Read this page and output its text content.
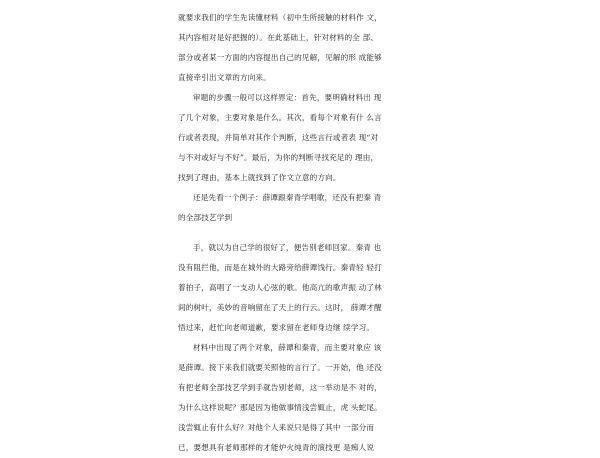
就要求我们的学生先读懂材料（初中生所接触的材料作 文，
其内容相对是好把握的）。在此基础上，针对材料的全 部、
部分或者某一方面的内容提出自己的见解，见解的形 成能够
直接牵引出文章的方向来。
审题的步骤一般可以这样界定：首先，要明确材料出 现
了几个对象，主要对象是什么。其次，看每个对象有什 么言
行或者表现，并简单对其作个判断，这些言行或者表 现“对
与不对或好与不好”。最后，为你的判断寻找充足的 理由，
找到了理由，基本上就找到了作文立意的方向。
还是先看一个例子：薛谭跟秦青学唱歌，还没有把秦 青
的全部技艺学到
手，就以为自己学的很好了，便告别老师回家。秦青 也
没有阻拦他，而是在城外的大路旁给薛谭饯行。秦青轻 轻打
着拍子，高唱了一支动人心弦的歌。他高亢的歌声振 动了林
间的树叶，美妙的音响留在了天上的行云。这时， 薛谭才醒
悟过来，赶忙向老师道歉，要求留在老师身边继 续学习。
材料中出现了两个对象，薛谭和秦青，而主要对象应 该
是薛谭。接下来我们就要关照他的言行了。一开始，他 还没
有把老师全部技艺学到手就告别老师，这一举动是不 对的，
为什么这样说呢？那是因为他做事情浅尝辄止，虎 头蛇尾。
浅尝辄止有什么好？对他个人来说只是得了其中 一部分而
已，要想具有老师那样的才能炉火纯青的演技更 是痴人说
